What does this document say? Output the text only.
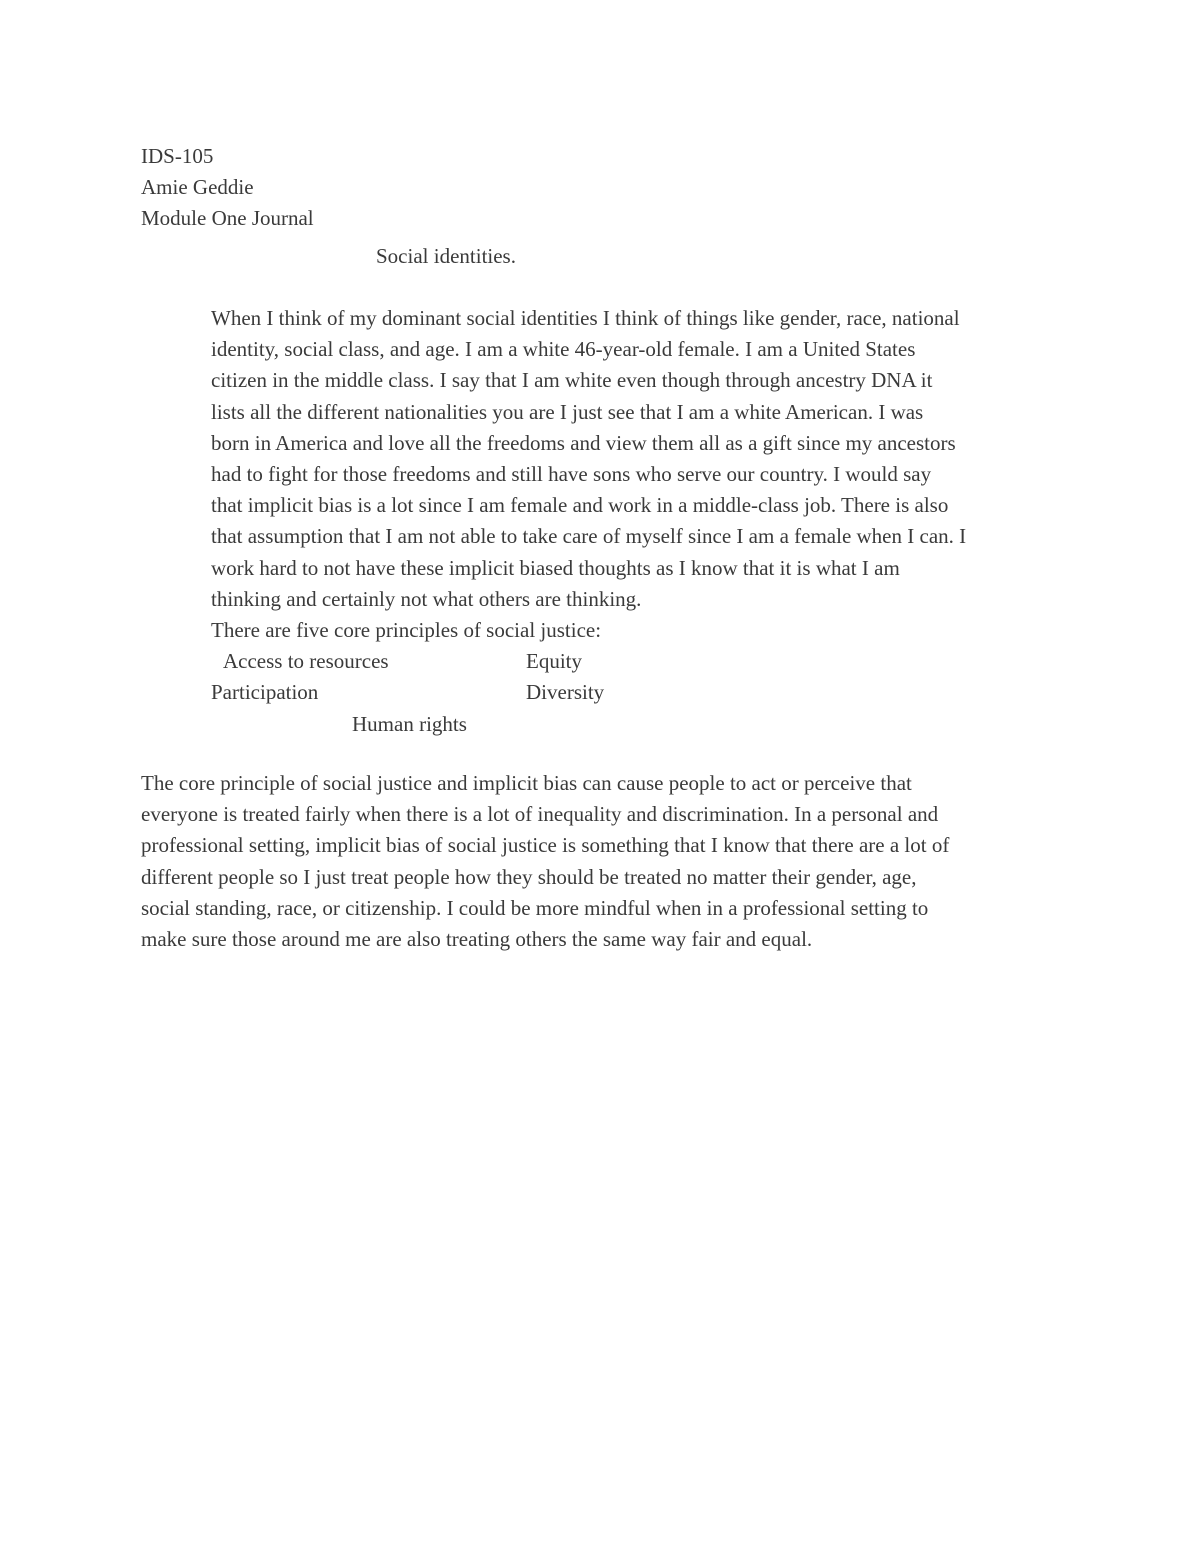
IDS-105
Amie Geddie
Module One Journal
Social identities.
When I think of my dominant social identities I think of things like gender, race, national
identity, social class, and age. I am a white 46-year-old female. I am a United States
citizen in the middle class. I say that I am white even though through ancestry DNA it
lists all the different nationalities you are I just see that I am a white American. I was
born in America and love all the freedoms and view them all as a gift since my ancestors
had to fight for those freedoms and still have sons who serve our country. I would say
that implicit bias is a lot since I am female and work in a middle-class job. There is also
that assumption that I am not able to take care of myself since I am a female when I can. I
work hard to not have these implicit biased thoughts as I know that it is what I am
thinking and certainly not what others are thinking.
There are five core principles of social justice:
Access to resources	Equity
Participation	Diversity
Human rights
The core principle of social justice and implicit bias can cause people to act or perceive that
everyone is treated fairly when there is a lot of inequality and discrimination. In a personal and
professional setting, implicit bias of social justice is something that I know that there are a lot of
different people so I just treat people how they should be treated no matter their gender, age,
social standing, race, or citizenship. I could be more mindful when in a professional setting to
make sure those around me are also treating others the same way fair and equal.
